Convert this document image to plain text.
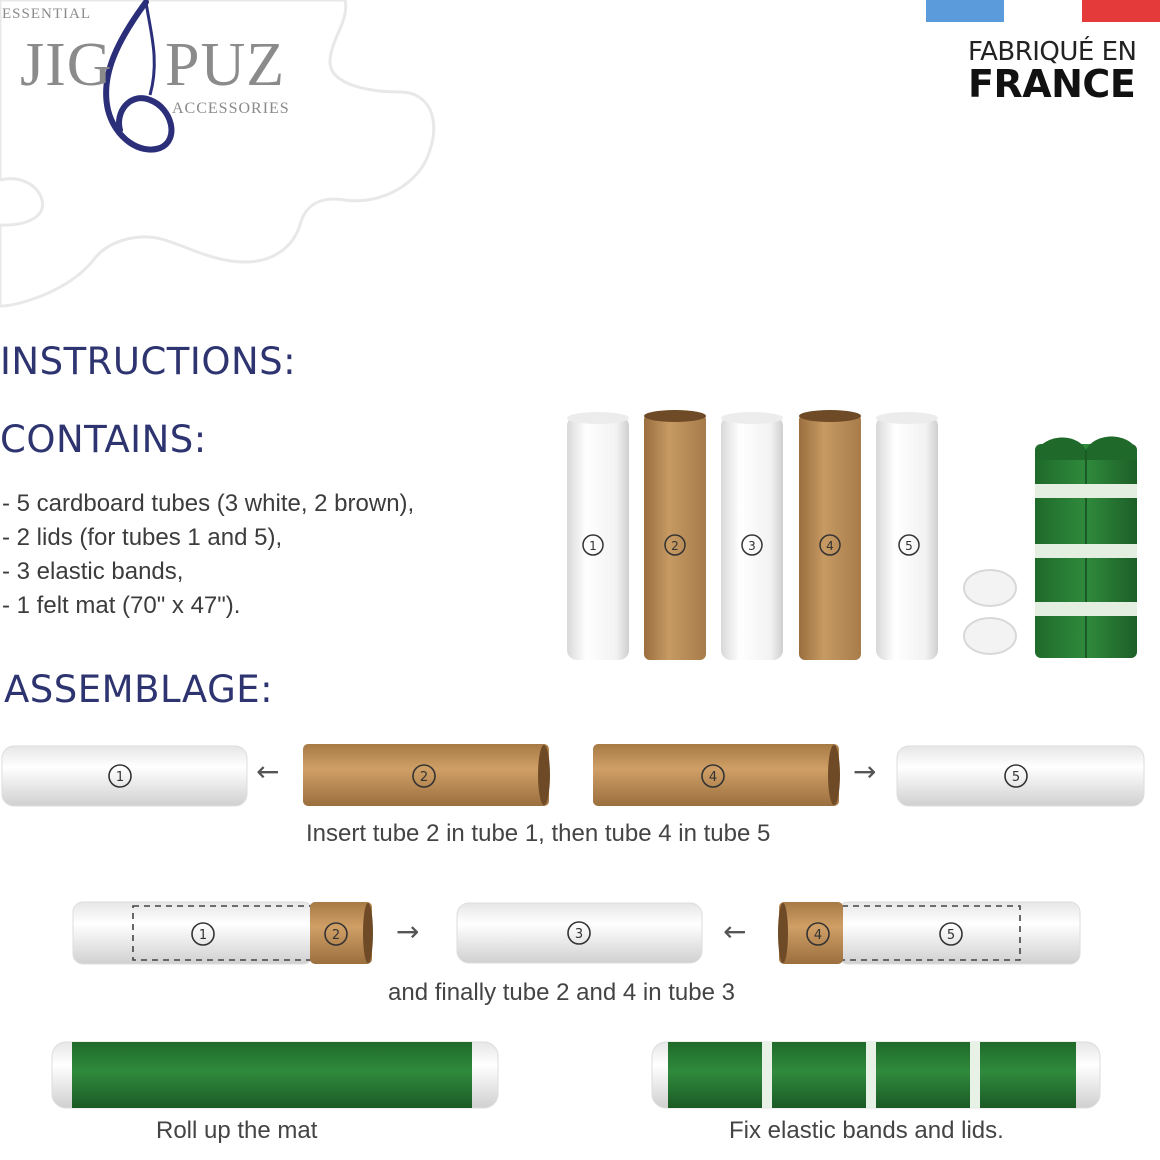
ESSENTIAL
JIG PUZ
ACCESSORIES
FABRIQUÉ EN
FRANCE
INSTRUCTIONS:
CONTAINS:
ASSEMBLAGE:
- 5 cardboard tubes (3 white, 2 brown),
- 2 lids (for tubes 1 and 5),
- 3 elastic bands,
- 1 felt mat (70" x 47").
1	2	3	4	5
1	2	4	5
←	→
Insert tube 2 in tube 1, then tube 4 in tube 5
1	2	3	4	5
→	←
and finally tube 2 and 4 in tube 3
Roll up the mat	Fix elastic bands and lids.
